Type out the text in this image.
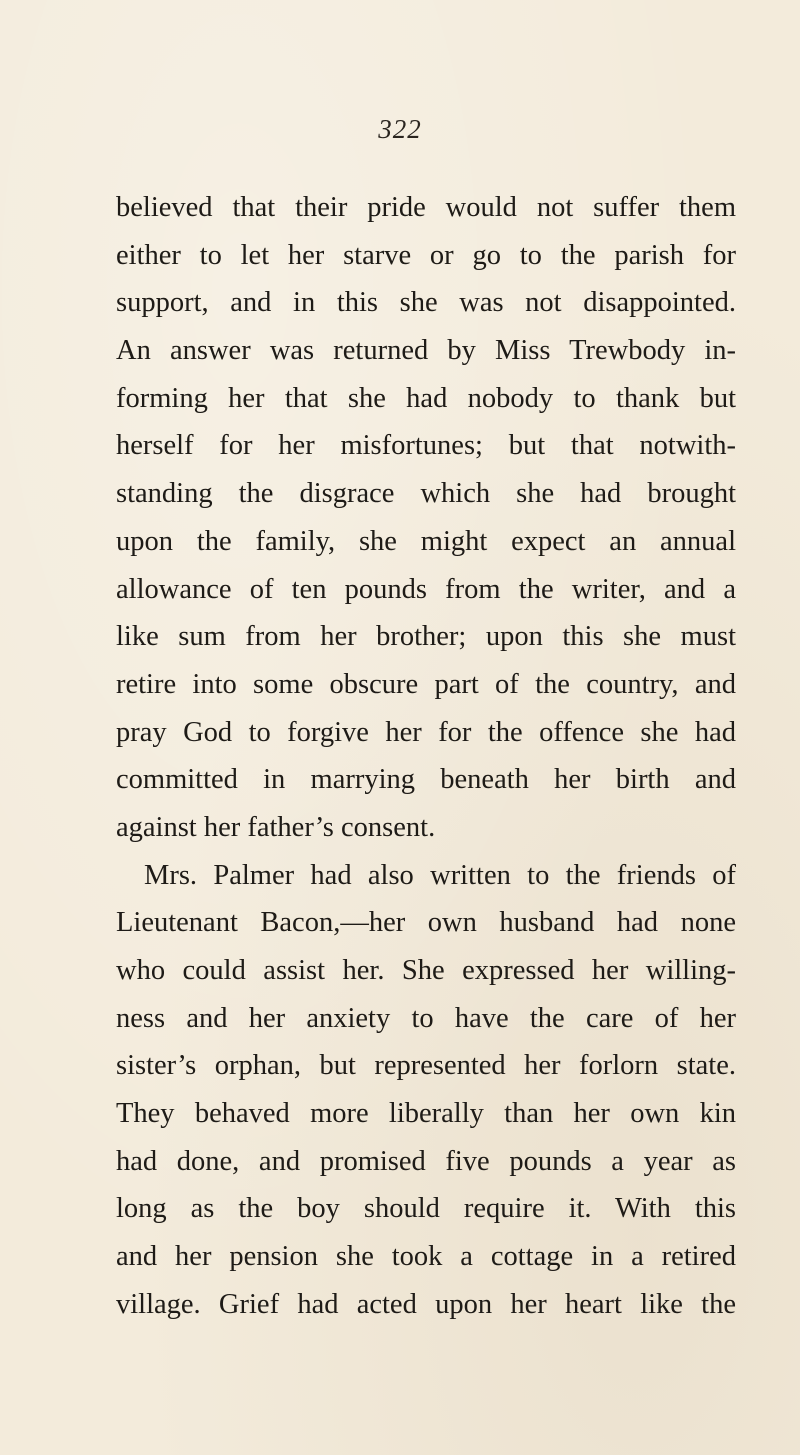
322
believed that their pride would not suffer them
either to let her starve or go to the parish for
support, and in this she was not disappointed.
An answer was returned by Miss Trewbody in-
forming her that she had nobody to thank but
herself for her misfortunes; but that notwith-
standing the disgrace which she had brought
upon the family, she might expect an annual
allowance of ten pounds from the writer, and a
like sum from her brother; upon this she must
retire into some obscure part of the country, and
pray God to forgive her for the offence she had
committed in marrying beneath her birth and
against her father’s consent.
Mrs. Palmer had also written to the friends of
Lieutenant Bacon,—her own husband had none
who could assist her. She expressed her willing-
ness and her anxiety to have the care of her
sister’s orphan, but represented her forlorn state.
They behaved more liberally than her own kin
had done, and promised five pounds a year as
long as the boy should require it. With this
and her pension she took a cottage in a retired
village. Grief had acted upon her heart like the
